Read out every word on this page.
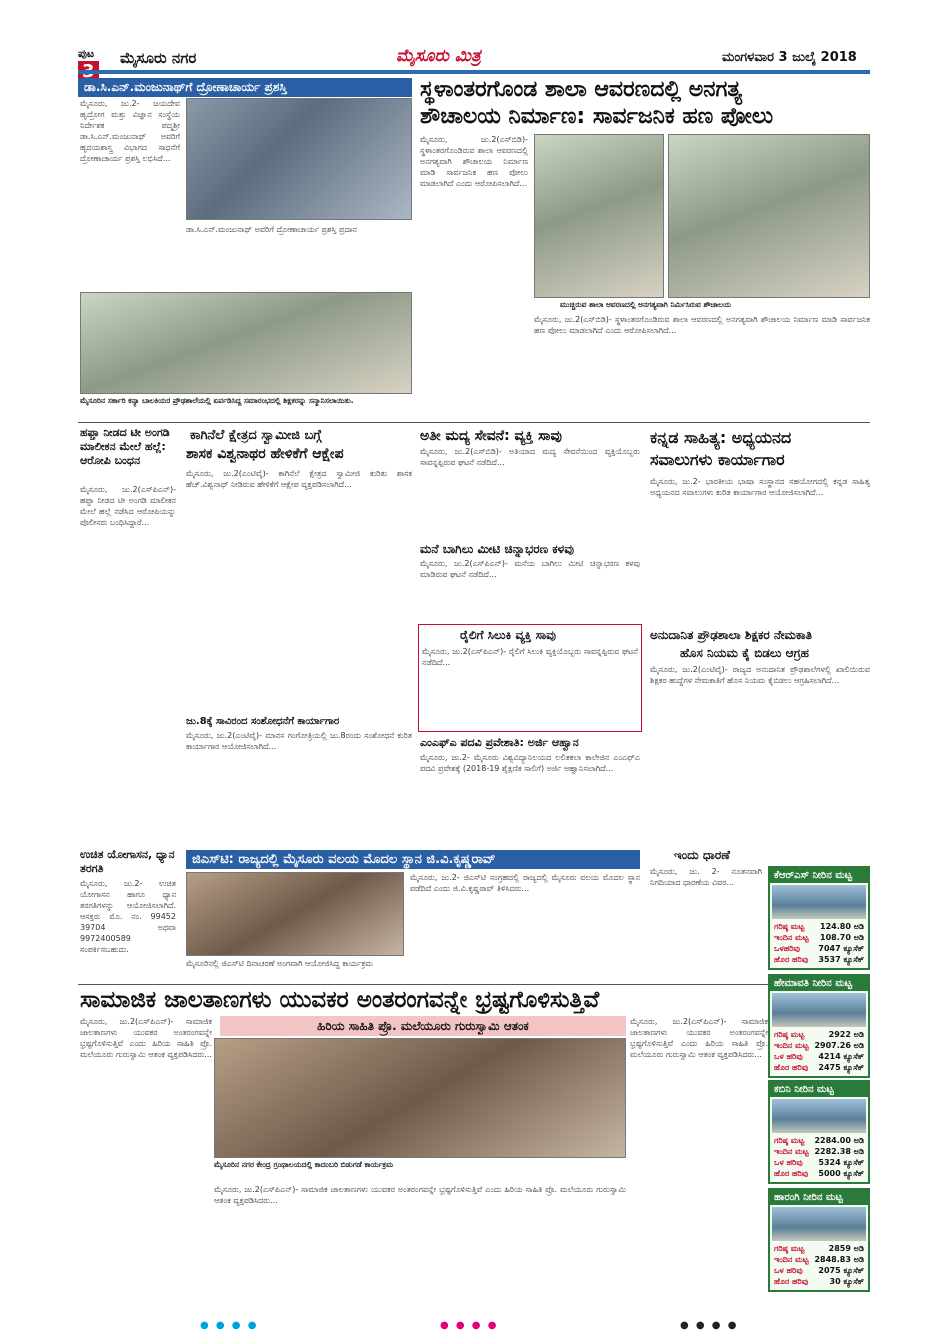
ಪುಟ	ಮೈಸೂರು ನಗರ	ಮೈಸೂರು ಮಿತ್ರ	ಮಂಗಳವಾರ 3 ಜುಲೈ 2018
ಡಾ.ಸಿ.ಎನ್.ಮಂಜುನಾಥ್‌ಗೆ ದ್ರೋಣಾಚಾರ್ಯ ಪ್ರಶಸ್ತಿ
ಮೈಸೂರು, ಜು.2- ಜಯದೇವ ಹೃದ್ರೋಗ ಮತ್ತು ವಿಜ್ಞಾನ ಸಂಸ್ಥೆಯ ನಿರ್ದೇಶಕ ಪದ್ಮಶ್ರೀ ಡಾ.ಸಿ.ಎನ್.ಮಂಜುನಾಥ್ ಅವರಿಗೆ ಹೃದಯಶಾಸ್ತ್ರ ವಿಭಾಗದ ಸಾಧನೆಗೆ ದ್ರೋಣಾಚಾರ್ಯ ಪ್ರಶಸ್ತಿ ಲಭಿಸಿದೆ...
ಡಾ.ಸಿ.ಎನ್.ಮಂಜುನಾಥ್ ಅವರಿಗೆ ದ್ರೋಣಾಚಾರ್ಯ ಪ್ರಶಸ್ತಿ ಪ್ರದಾನ
ಮೈಸೂರಿನ ಸರ್ಕಾರಿ ಕನ್ಯಾ ಬಾಲಕಿಯರ ಪ್ರೌಢಶಾಲೆಯಲ್ಲಿ ಏರ್ಪಡಿಸಿದ್ದ ಸಮಾರಂಭದಲ್ಲಿ ಶಿಕ್ಷಕರನ್ನು ಸನ್ಮಾನಿಸಲಾಯಿತು.
ಸ್ಥಳಾಂತರಗೊಂಡ ಶಾಲಾ ಆವರಣದಲ್ಲಿ ಅನಗತ್ಯ
ಶೌಚಾಲಯ ನಿರ್ಮಾಣ: ಸಾರ್ವಜನಿಕ ಹಣ ಪೋಲು
ಮೈಸೂರು, ಜು.2(ಎಸ್‌ಬಿಡಿ)- ಸ್ಥಳಾಂತರಗೊಂಡಿರುವ ಶಾಲಾ ಆವರಣದಲ್ಲಿ ಅನಗತ್ಯವಾಗಿ ಶೌಚಾಲಯ ನಿರ್ಮಾಣ ಮಾಡಿ ಸಾರ್ವಜನಿಕ ಹಣ ಪೋಲು ಮಾಡಲಾಗಿದೆ ಎಂದು ಆರೋಪಿಸಲಾಗಿದೆ...
ಮುಚ್ಚಿರುವ ಶಾಲಾ ಆವರಣದಲ್ಲಿ ಅನಗತ್ಯವಾಗಿ ನಿರ್ಮಿಸಿರುವ ಶೌಚಾಲಯ
ಮೈಸೂರು, ಜು.2(ಎಸ್‌ಬಿಡಿ)- ಸ್ಥಳಾಂತರಗೊಂಡಿರುವ ಶಾಲಾ ಆವರಣದಲ್ಲಿ ಅನಗತ್ಯವಾಗಿ ಶೌಚಾಲಯ ನಿರ್ಮಾಣ ಮಾಡಿ ಸಾರ್ವಜನಿಕ ಹಣ ಪೋಲು ಮಾಡಲಾಗಿದೆ ಎಂದು ಆರೋಪಿಸಲಾಗಿದೆ...
ಹಫ್ತಾ ನೀಡದ ಟೀ ಅಂಗಡಿ ಮಾಲೀಕನ ಮೇಲೆ ಹಲ್ಲೆ: ಆರೋಪಿ ಬಂಧನ
ಮೈಸೂರು, ಜು.2(ಎಸ್‌ಪಿಎನ್)- ಹಫ್ತಾ ನೀಡದ ಟೀ ಅಂಗಡಿ ಮಾಲೀಕನ ಮೇಲೆ ಹಲ್ಲೆ ನಡೆಸಿದ ಆರೋಪಿಯನ್ನು ಪೊಲೀಸರು ಬಂಧಿಸಿದ್ದಾರೆ...
ಕಾಗಿನೆಲೆ ಕ್ಷೇತ್ರದ ಸ್ವಾಮೀಜಿ ಬಗ್ಗೆ
ಶಾಸಕ ವಿಶ್ವನಾಥರ ಹೇಳಿಕೆಗೆ ಆಕ್ಷೇಪ
ಮೈಸೂರು, ಜು.2(ಎಂಟಿವೈ)- ಕಾಗಿನೆಲೆ ಕ್ಷೇತ್ರದ ಸ್ವಾಮೀಜಿ ಕುರಿತು ಶಾಸಕ ಹೆಚ್.ವಿಶ್ವನಾಥ್ ನೀಡಿರುವ ಹೇಳಿಕೆಗೆ ಆಕ್ಷೇಪ ವ್ಯಕ್ತಪಡಿಸಲಾಗಿದೆ...
ಜು.8ಕ್ಕೆ ಸಾವಿರಂದ ಸಂಶೋಧನೆಗೆ ಕಾರ್ಯಾಗಾರ
ಮೈಸೂರು, ಜು.2(ಎಂಟಿವೈ)- ಮಾನಸ ಗಂಗೋತ್ರಿಯಲ್ಲಿ ಜು.8ರಂದು ಸಂಶೋಧನೆ ಕುರಿತ ಕಾರ್ಯಾಗಾರ ಆಯೋಜಿಸಲಾಗಿದೆ...
ಅತೀ ಮದ್ಯ ಸೇವನೆ: ವ್ಯಕ್ತಿ ಸಾವು
ಮೈಸೂರು, ಜು.2(ಎಸ್‌ಬಿಡಿ)- ಅತಿಯಾದ ಮದ್ಯ ಸೇವನೆಯಿಂದ ವ್ಯಕ್ತಿಯೊಬ್ಬರು ಸಾವನ್ನಪ್ಪಿರುವ ಘಟನೆ ನಡೆದಿದೆ...
ಮನೆ ಬಾಗಿಲು ಮೀಟಿ ಚಿನ್ನಾಭರಣ ಕಳವು
ಮೈಸೂರು, ಜು.2(ಎಸ್‌ಪಿಎನ್)- ಮನೆಯ ಬಾಗಿಲು ಮೀಟಿ ಚಿನ್ನಾಭರಣ ಕಳವು ಮಾಡಿರುವ ಘಟನೆ ನಡೆದಿದೆ...
ರೈಲಿಗೆ ಸಿಲುಕಿ ವ್ಯಕ್ತಿ ಸಾವು
ಮೈಸೂರು, ಜು.2(ಎಸ್‌ಪಿಎನ್)- ರೈಲಿಗೆ ಸಿಲುಕಿ ವ್ಯಕ್ತಿಯೊಬ್ಬರು ಸಾವನ್ನಪ್ಪಿರುವ ಘಟನೆ ನಡೆದಿದೆ...
ಕನ್ನಡ ಸಾಹಿತ್ಯ: ಅಧ್ಯಯನದ
ಸವಾಲುಗಳು ಕಾರ್ಯಾಗಾರ
ಮೈಸೂರು, ಜು.2- ಭಾರತೀಯ ಭಾಷಾ ಸಂಸ್ಥಾನದ ಸಹಯೋಗದಲ್ಲಿ ಕನ್ನಡ ಸಾಹಿತ್ಯ ಅಧ್ಯಯನದ ಸವಾಲುಗಳು ಕುರಿತ ಕಾರ್ಯಾಗಾರ ಆಯೋಜಿಸಲಾಗಿದೆ...
ಅನುದಾನಿತ ಪ್ರೌಢಶಾಲಾ ಶಿಕ್ಷಕರ ನೇಮಕಾತಿ
ಹೊಸ ನಿಯಮ ಕೈ ಬಿಡಲು ಆಗ್ರಹ
ಮೈಸೂರು, ಜು.2(ಎಂಟಿವೈ)- ರಾಜ್ಯದ ಅನುದಾನಿತ ಪ್ರೌಢಶಾಲೆಗಳಲ್ಲಿ ಖಾಲಿಯಿರುವ ಶಿಕ್ಷಕರ ಹುದ್ದೆಗಳ ನೇಮಕಾತಿಗೆ ಹೊಸ ನಿಯಮ ಕೈಬಿಡಲು ಆಗ್ರಹಿಸಲಾಗಿದೆ...
ಎಂಎಫ್‌ಎ ಪದವಿ ಪ್ರವೇಶಾತಿ: ಅರ್ಜಿ ಆಹ್ವಾನ
ಮೈಸೂರು, ಜು.2- ಮೈಸೂರು ವಿಶ್ವವಿದ್ಯಾನಿಲಯದ ಲಲಿತಕಲಾ ಕಾಲೇಜಿನ ಎಂಎಫ್‌ಎ ಪದವಿ ಪ್ರವೇಶಕ್ಕೆ (2018-19 ಶೈಕ್ಷಣಿಕ ಸಾಲಿಗೆ) ಅರ್ಜಿ ಆಹ್ವಾನಿಸಲಾಗಿದೆ...
ಜಿಎಸ್‌ಟಿ: ರಾಜ್ಯದಲ್ಲಿ ಮೈಸೂರು ವಲಯ ಮೊದಲ ಸ್ಥಾನ ಜಿ.ವಿ.ಕೃಷ್ಣರಾವ್
ಮೈಸೂರಿನಲ್ಲಿ ಜಿಎಸ್‌ಟಿ ದಿನಾಚರಣೆ ಅಂಗವಾಗಿ ಆಯೋಜಿಸಿದ್ದ ಕಾರ್ಯಕ್ರಮ
ಮೈಸೂರು, ಜು.2- ಜಿಎಸ್‌ಟಿ ಸಂಗ್ರಹದಲ್ಲಿ ರಾಜ್ಯದಲ್ಲಿ ಮೈಸೂರು ವಲಯ ಮೊದಲ ಸ್ಥಾನ ಪಡೆದಿದೆ ಎಂದು ಜಿ.ವಿ.ಕೃಷ್ಣರಾವ್ ತಿಳಿಸಿದರು...
ಉಚಿತ ಯೋಗಾಸನ, ಧ್ಯಾನ ತರಗತಿ
ಮೈಸೂರು, ಜು.2- ಉಚಿತ ಯೋಗಾಸನ ಹಾಗೂ ಧ್ಯಾನ ತರಗತಿಗಳನ್ನು ಆಯೋಜಿಸಲಾಗಿದೆ. ಆಸಕ್ತರು ಮೊ. ನಂ. 99452 39704 ಅಥವಾ 9972400589 ಸಂಪರ್ಕಿಸಬಹುದು.
ಇಂದು ಧಾರಣೆ
ಮೈಸೂರು, ಜು. 2- ನೂತನವಾಗಿ ನಿಗದಿಯಾದ ಧಾರಣೆಯ ವಿವರ...
ಕೆಆರ್‌ಎಸ್ ನೀರಿನ ಮಟ್ಟ
ಗರಿಷ್ಠ ಮಟ್ಟ 124.80 ಅಡಿ
ಇಂದಿನ ಮಟ್ಟ 108.70 ಅಡಿ
ಒಳಹರಿವು 7047 ಕ್ಯೂಸೆಕ್
ಹೊರ ಹರಿವು 3537 ಕ್ಯೂಸೆಕ್
ಹೇಮಾವತಿ ನೀರಿನ ಮಟ್ಟ
ಗರಿಷ್ಠ ಮಟ್ಟ	2922 ಅಡಿ
ಇಂದಿನ ಮಟ್ಟ 2907.26 ಅಡಿ
ಒಳ ಹರಿವು 4214 ಕ್ಯೂಸೆಕ್
ಹೊರ ಹರಿವು 2475 ಕ್ಯೂಸೆಕ್
ಕಬಿನಿ ನೀರಿನ ಮಟ್ಟ
ಗರಿಷ್ಠ ಮಟ್ಟ 2284.00 ಅಡಿ
ಇಂದಿನ ಮಟ್ಟ 2282.38 ಅಡಿ
ಒಳ ಹರಿವು 5324 ಕ್ಯೂಸೆಕ್
ಹೊರ ಹರಿವು 5000 ಕ್ಯೂಸೆಕ್
ಹಾರಂಗಿ ನೀರಿನ ಮಟ್ಟ
ಗರಿಷ್ಠ ಮಟ್ಟ	2859 ಅಡಿ
ಇಂದಿನ ಮಟ್ಟ 2848.83 ಅಡಿ
ಒಳ ಹರಿವು 2075 ಕ್ಯೂಸೆಕ್
ಹೊರ ಹರಿವು	30 ಕ್ಯೂಸೆಕ್
ಸಾಮಾಜಿಕ ಜಾಲತಾಣಗಳು ಯುವಕರ ಅಂತರಂಗವನ್ನೇ ಭ್ರಷ್ಟಗೊಳಿಸುತ್ತಿವೆ
ಹಿರಿಯ ಸಾಹಿತಿ ಪ್ರೊ. ಮಲೆಯೂರು ಗುರುಸ್ವಾಮಿ ಆತಂಕ
ಮೈಸೂರು, ಜು.2(ಎಸ್‌ಪಿಎನ್)- ಸಾಮಾಜಿಕ ಜಾಲತಾಣಗಳು ಯುವಕರ ಅಂತರಂಗವನ್ನೇ ಭ್ರಷ್ಟಗೊಳಿಸುತ್ತಿವೆ ಎಂದು ಹಿರಿಯ ಸಾಹಿತಿ ಪ್ರೊ. ಮಲೆಯೂರು ಗುರುಸ್ವಾಮಿ ಆತಂಕ ವ್ಯಕ್ತಪಡಿಸಿದರು...
ಮೈಸೂರಿನ ನಗರ ಕೇಂದ್ರ ಗ್ರಂಥಾಲಯದಲ್ಲಿ ಕಾದಂಬರಿ ಬಿಡುಗಡೆ ಕಾರ್ಯಕ್ರಮ
ಮೈಸೂರು, ಜು.2(ಎಸ್‌ಪಿಎನ್)- ಸಾಮಾಜಿಕ ಜಾಲತಾಣಗಳು ಯುವಕರ ಅಂತರಂಗವನ್ನೇ ಭ್ರಷ್ಟಗೊಳಿಸುತ್ತಿವೆ ಎಂದು ಹಿರಿಯ ಸಾಹಿತಿ ಪ್ರೊ. ಮಲೆಯೂರು ಗುರುಸ್ವಾಮಿ ಆತಂಕ ವ್ಯಕ್ತಪಡಿಸಿದರು...
ಮೈಸೂರು, ಜು.2(ಎಸ್‌ಪಿಎನ್)- ಸಾಮಾಜಿಕ ಜಾಲತಾಣಗಳು ಯುವಕರ ಅಂತರಂಗವನ್ನೇ ಭ್ರಷ್ಟಗೊಳಿಸುತ್ತಿವೆ ಎಂದು ಹಿರಿಯ ಸಾಹಿತಿ ಪ್ರೊ. ಮಲೆಯೂರು ಗುರುಸ್ವಾಮಿ ಆತಂಕ ವ್ಯಕ್ತಪಡಿಸಿದರು...
● ● ● ●	● ● ● ●	● ● ● ●
